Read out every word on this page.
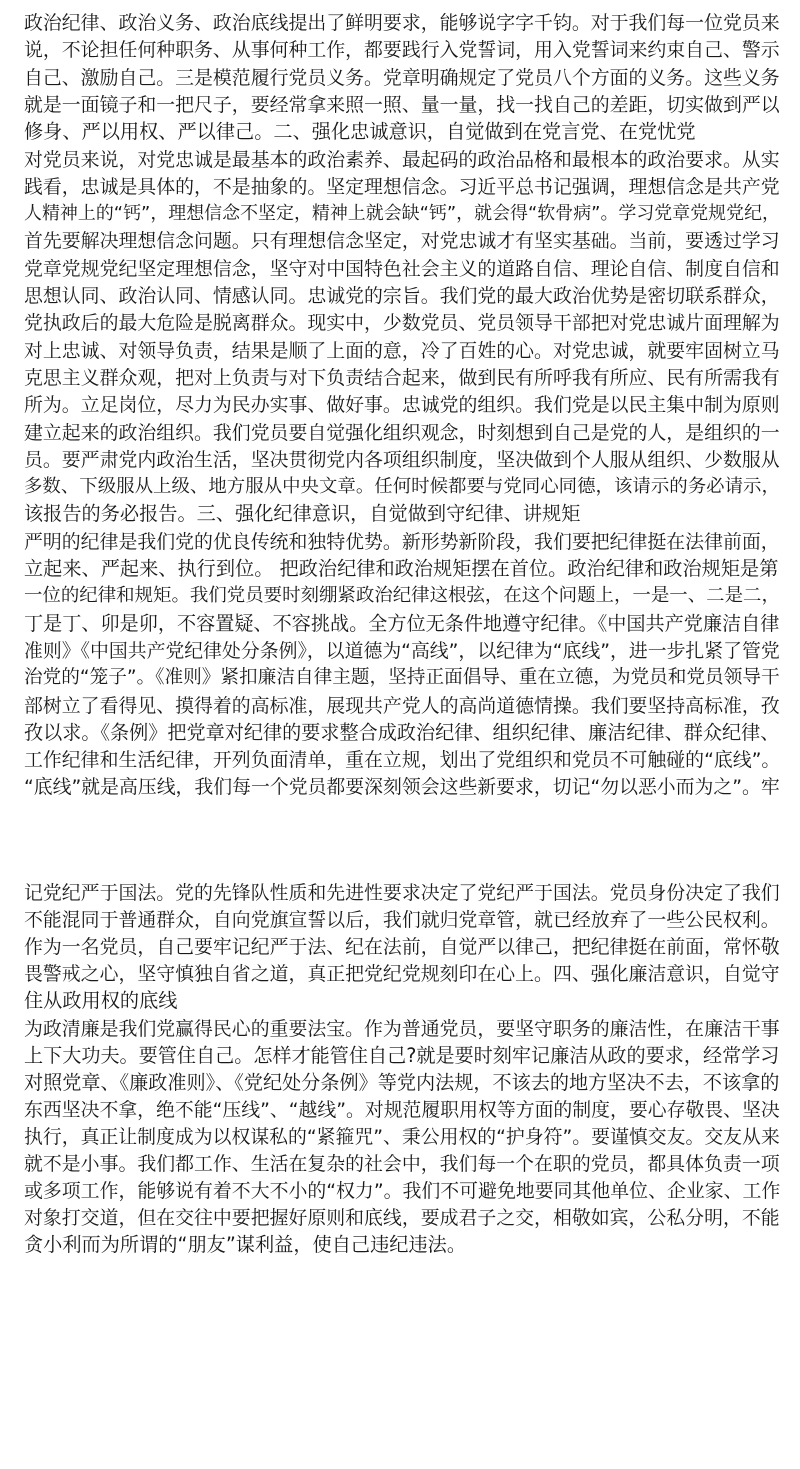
政治纪律、政治义务、政治底线提出了鲜明要求，能够说字字千钧。对于我们每一位党员来
说，不论担任何种职务、从事何种工作，都要践行入党誓词，用入党誓词来约束自己、警示
自己、激励自己。三是模范履行党员义务。党章明确规定了党员八个方面的义务。这些义务
就是一面镜子和一把尺子，要经常拿来照一照、量一量，找一找自己的差距，切实做到严以
修身、严以用权、严以律己。二、强化忠诚意识，自觉做到在党言党、在党忧党
对党员来说，对党忠诚是最基本的政治素养、最起码的政治品格和最根本的政治要求。从实
践看，忠诚是具体的，不是抽象的。坚定理想信念。习近平总书记强调，理想信念是共产党
人精神上的“钙”，理想信念不坚定，精神上就会缺“钙”，就会得“软骨病”。学习党章党规党纪，
首先要解决理想信念问题。只有理想信念坚定，对党忠诚才有坚实基础。当前，要透过学习
党章党规党纪坚定理想信念，坚守对中国特色社会主义的道路自信、理论自信、制度自信和
思想认同、政治认同、情感认同。忠诚党的宗旨。我们党的最大政治优势是密切联系群众，
党执政后的最大危险是脱离群众。现实中，少数党员、党员领导干部把对党忠诚片面理解为
对上忠诚、对领导负责，结果是顺了上面的意，冷了百姓的心。对党忠诚，就要牢固树立马
克思主义群众观，把对上负责与对下负责结合起来，做到民有所呼我有所应、民有所需我有
所为。立足岗位，尽力为民办实事、做好事。忠诚党的组织。我们党是以民主集中制为原则
建立起来的政治组织。我们党员要自觉强化组织观念，时刻想到自己是党的人，是组织的一
员。要严肃党内政治生活，坚决贯彻党内各项组织制度，坚决做到个人服从组织、少数服从
多数、下级服从上级、地方服从中央文章。任何时候都要与党同心同德，该请示的务必请示，
该报告的务必报告。三、强化纪律意识，自觉做到守纪律、讲规矩
严明的纪律是我们党的优良传统和独特优势。新形势新阶段，我们要把纪律挺在法律前面，
立起来、严起来、执行到位。 把政治纪律和政治规矩摆在首位。政治纪律和政治规矩是第
一位的纪律和规矩。我们党员要时刻绷紧政治纪律这根弦，在这个问题上，一是一、二是二，
丁是丁、卯是卯，不容置疑、不容挑战。全方位无条件地遵守纪律。《中国共产党廉洁自律
准则》《中国共产党纪律处分条例》，以道德为“高线”，以纪律为“底线”，进一步扎紧了管党
治党的“笼子”。《准则》紧扣廉洁自律主题，坚持正面倡导、重在立德，为党员和党员领导干
部树立了看得见、摸得着的高标准，展现共产党人的高尚道德情操。我们要坚持高标准，孜
孜以求。《条例》把党章对纪律的要求整合成政治纪律、组织纪律、廉洁纪律、群众纪律、
工作纪律和生活纪律，开列负面清单，重在立规，划出了党组织和党员不可触碰的“底线”。
“底线”就是高压线，我们每一个党员都要深刻领会这些新要求，切记“勿以恶小而为之”。牢
记党纪严于国法。党的先锋队性质和先进性要求决定了党纪严于国法。党员身份决定了我们
不能混同于普通群众，自向党旗宣誓以后，我们就归党章管，就已经放弃了一些公民权利。
作为一名党员，自己要牢记纪严于法、纪在法前，自觉严以律己，把纪律挺在前面，常怀敬
畏警戒之心，坚守慎独自省之道，真正把党纪党规刻印在心上。四、强化廉洁意识，自觉守
住从政用权的底线
为政清廉是我们党赢得民心的重要法宝。作为普通党员，要坚守职务的廉洁性，在廉洁干事
上下大功夫。要管住自己。怎样才能管住自己?就是要时刻牢记廉洁从政的要求，经常学习
对照党章、《廉政准则》、《党纪处分条例》等党内法规，不该去的地方坚决不去，不该拿的
东西坚决不拿，绝不能“压线”、“越线”。对规范履职用权等方面的制度，要心存敬畏、坚决
执行，真正让制度成为以权谋私的“紧箍咒”、秉公用权的“护身符”。要谨慎交友。交友从来
就不是小事。我们都工作、生活在复杂的社会中，我们每一个在职的党员，都具体负责一项
或多项工作，能够说有着不大不小的“权力”。我们不可避免地要同其他单位、企业家、工作
对象打交道，但在交往中要把握好原则和底线，要成君子之交，相敬如宾，公私分明，不能
贪小利而为所谓的“朋友”谋利益，使自己违纪违法。
